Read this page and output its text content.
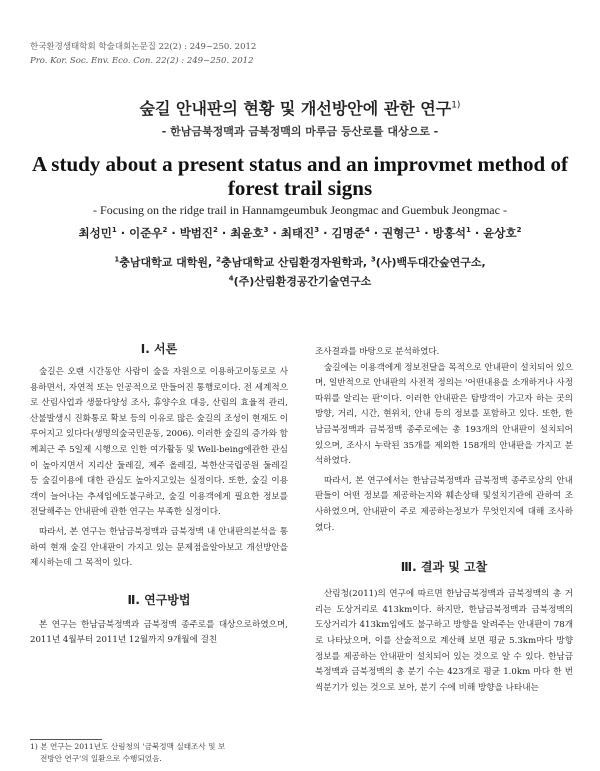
한국환경생태학회 학술대회논문집 22(2) : 249~250. 2012
Pro. Kor. Soc. Env. Eco. Con. 22(2) : 249~250. 2012
숲길 안내판의 현황 및 개선방안에 관한 연구$^{1)}$
- 한남금북정맥과 금북정맥의 마루금 등산로를 대상으로 -
A study about a present status and an improvmet method of
forest trail signs
- Focusing on the ridge trail in Hannamgeumbuk Jeongmac and Guembuk Jeongmac -
최성민$^1$ · 이준우$^2$ · 박범진$^2$ · 최윤호$^3$ · 최태진$^3$ · 김명준$^4$ · 권형근$^1$ · 방홍석$^1$ · 윤상호$^2$
$^1$충남대학교 대학원, $^2$충남대학교 산림환경자원학과, $^3$(사)백두대간숲연구소,
$^4$(주)산림환경공간기술연구소
Ⅰ. 서론

숲길은 오랜 시간동안 사람이 숲을 자원으로 이용하고이동로로 사용하면서, 자연적 또는 인공적으로 만들어진 통행로이다. 전 세계적으로 산림사업과 생물다양성 조사, 휴양수요 대응, 산림의 효율적 관리, 산불발생시 진화통로 확보 등의 이유로 많은 숲길의 조성이 현재도 이루어지고 있다다(생명의숲국민운동, 2006). 이러한 숲길의 증가와 함께최근 주 5일제 시행으로 인한 여가활동 및 Well-being에관한 관심이 높아지면서 지리산 둘레길, 제주 올레길, 북한산국립공원 둘레길 등 숲길이용에 대한 관심도 높아지고있는 실정이다. 또한, 숲길 이용객이 늘어나는 추세임에도불구하고, 숲길 이용객에게 필요한 정보를 전달해주는 안내판에 관한 연구는 부족한 실정이다.

따라서, 본 연구는 한남금북정맥과 금북정맥 내 안내판의분석을 통하여 현재 숲길 안내판이 가지고 있는 문제점을알아보고 개선방안을 제시하는데 그 목적이 있다.

Ⅱ. 연구방법

본 연구는 한남금북정맥과 금북정맥 종주로를 대상으로하였으며, 2011년 4월부터 2011년 12월까지 9개월에 걸친

조사결과를 바탕으로 분석하였다.

숲길에는 이용객에게 정보전달을 목적으로 안내판이 설치되어 있으며, 일반적으로 안내판의 사전적 정의는 '어떤내용을 소개하거나 사정 따위를 알리는 판'이다. 이러한 안내판은 탐방객이 가고자 하는 곳의 방향, 거리, 시간, 현위치, 안내 등의 정보를 포함하고 있다. 또한, 한남금북정맥과 금북정맥 종주로에는 총 193개의 안내판이 설치되어 있으며, 조사시 누락된 35개를 제외한 158개의 안내판을 가지고 분석하였다.

따라서, 본 연구에서는 한남금북정맥과 금북정맥 종주로상의 안내판들이 어떤 정보를 제공하는지와 훼손상태 및설치기관에 관하여 조사하였으며, 안내판이 주로 제공하는정보가 무엇인지에 대해 조사하였다.

Ⅲ. 결과 및 고찰

산림청(2011)의 연구에 따르면 한남금북정맥과 금북정맥의 총 거리는 도상거리로 413km이다. 하지만, 한남금북정맥과 금북정맥의 도상거리가 413km임에도 불구하고 방향을 알려주는 안내판이 78개로 나타났으며, 이를 산술적으로 계산해 보면 평균 5.3km마다 방향정보를 제공하는 안내판이 설치되어 있는 것으로 알 수 있다. 한남금북정맥과 금북정맥의 총 분기 수는 423개로 평균 1.0km 마다 한 번씩분기가 있는 것으로 보아, 분기 수에 비해 방향을 나타내는

1) 본 연구는 2011년도 산림청의 '금북정맥 실태조사 및 보
전방안 연구'의 일환으로 수행되었음.
